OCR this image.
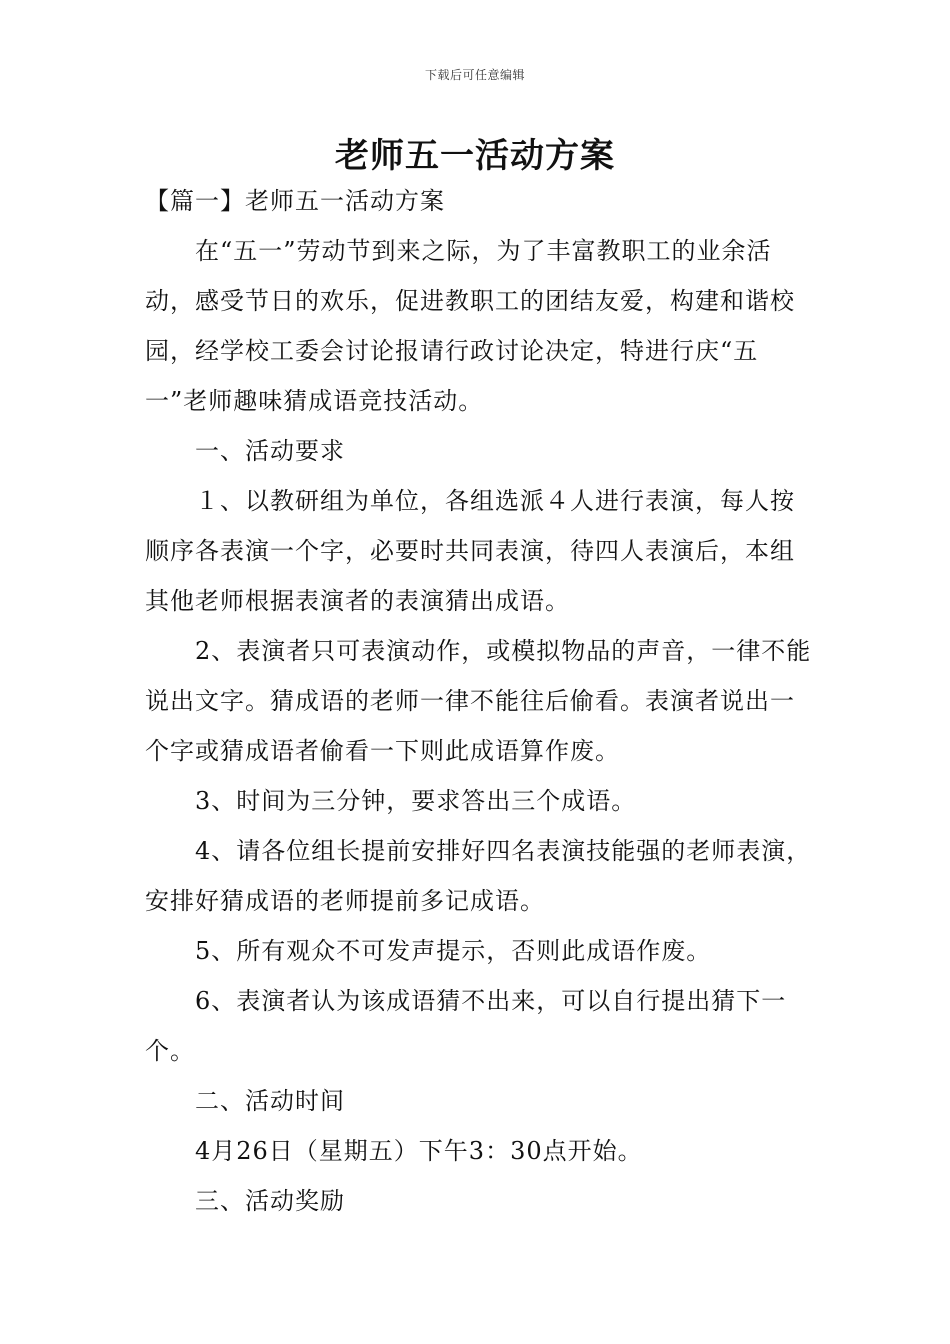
下载后可任意编辑
老师五一活动方案

【篇一】老师五一活动方案

在“五一”劳动节到来之际，为了丰富教职工的业余活动，感受节日的欢乐，促进教职工的团结友爱，构建和谐校园，经学校工委会讨论报请行政讨论决定，特进行庆“五一”老师趣味猜成语竞技活动。

一、活动要求

１、以教研组为单位，各组选派４人进行表演，每人按顺序各表演一个字，必要时共同表演，待四人表演后，本组其他老师根据表演者的表演猜出成语。

2、表演者只可表演动作，或模拟物品的声音，一律不能说出文字。猜成语的老师一律不能往后偷看。表演者说出一个字或猜成语者偷看一下则此成语算作废。

3、时间为三分钟，要求答出三个成语。

4、请各位组长提前安排好四名表演技能强的老师表演，安排好猜成语的老师提前多记成语。

5、所有观众不可发声提示，否则此成语作废。

6、表演者认为该成语猜不出来，可以自行提出猜下一个。

二、活动时间

4月26日（星期五）下午3：30点开始。

三、活动奖励
